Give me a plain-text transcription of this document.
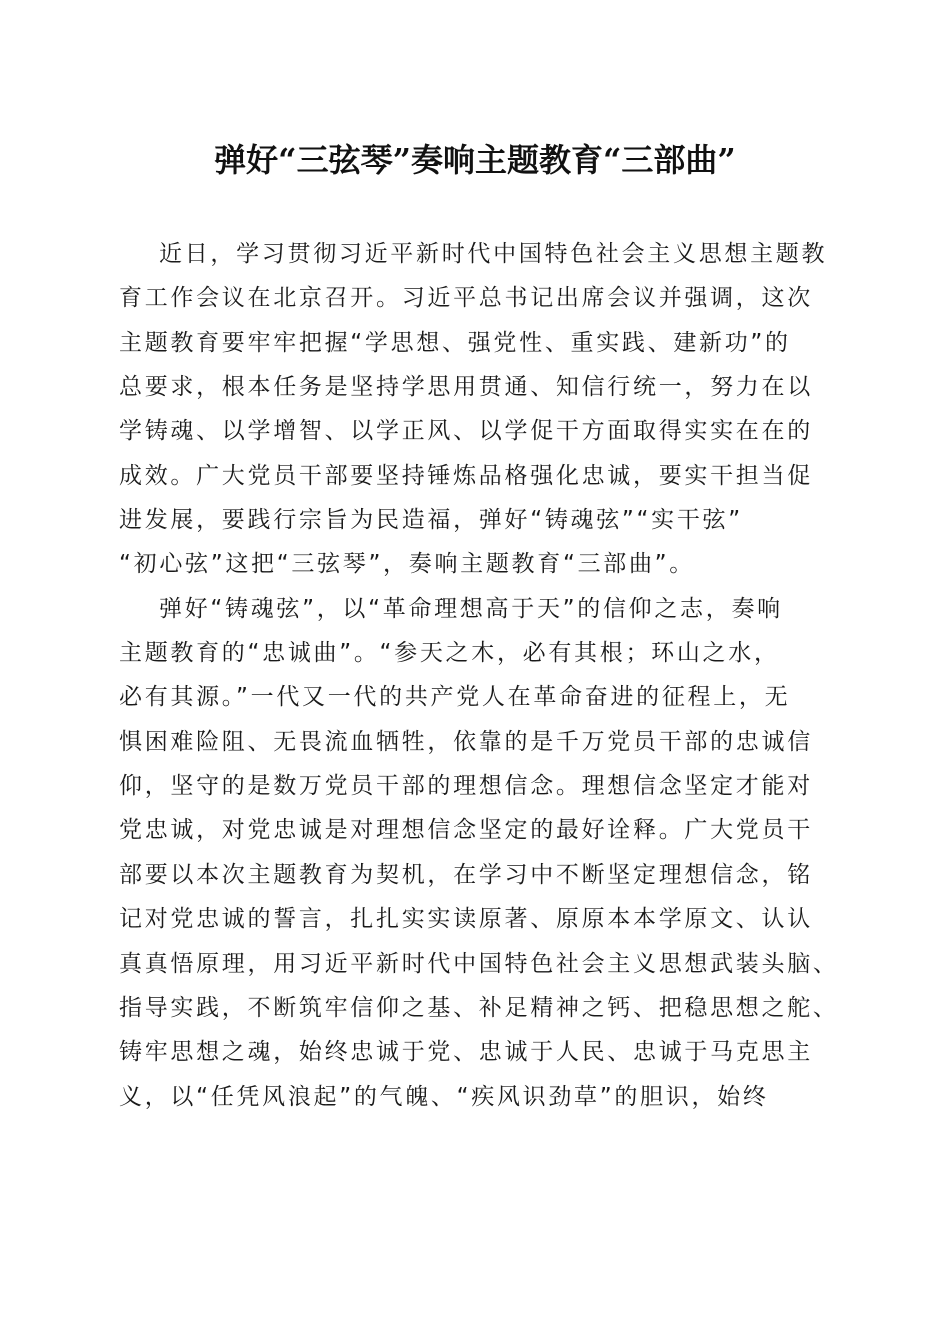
弹好“三弦琴”奏响主题教育“三部曲”
近日，学习贯彻习近平新时代中国特色社会主义思想主题教
育工作会议在北京召开。习近平总书记出席会议并强调，这次
主题教育要牢牢把握“学思想、强党性、重实践、建新功”的
总要求，根本任务是坚持学思用贯通、知信行统一，努力在以
学铸魂、以学增智、以学正风、以学促干方面取得实实在在的
成效。广大党员干部要坚持锤炼品格强化忠诚，要实干担当促
进发展，要践行宗旨为民造福，弹好“铸魂弦”“实干弦”
“初心弦”这把“三弦琴”，奏响主题教育“三部曲”。
弹好“铸魂弦”，以“革命理想高于天”的信仰之志，奏响
主题教育的“忠诚曲”。“参天之木，必有其根；环山之水，
必有其源。”一代又一代的共产党人在革命奋进的征程上，无
惧困难险阻、无畏流血牺牲，依靠的是千万党员干部的忠诚信
仰，坚守的是数万党员干部的理想信念。理想信念坚定才能对
党忠诚，对党忠诚是对理想信念坚定的最好诠释。广大党员干
部要以本次主题教育为契机，在学习中不断坚定理想信念，铭
记对党忠诚的誓言，扎扎实实读原著、原原本本学原文、认认
真真悟原理，用习近平新时代中国特色社会主义思想武装头脑、
指导实践，不断筑牢信仰之基、补足精神之钙、把稳思想之舵、
铸牢思想之魂，始终忠诚于党、忠诚于人民、忠诚于马克思主
义，以“任凭风浪起”的气魄、“疾风识劲草”的胆识，始终
